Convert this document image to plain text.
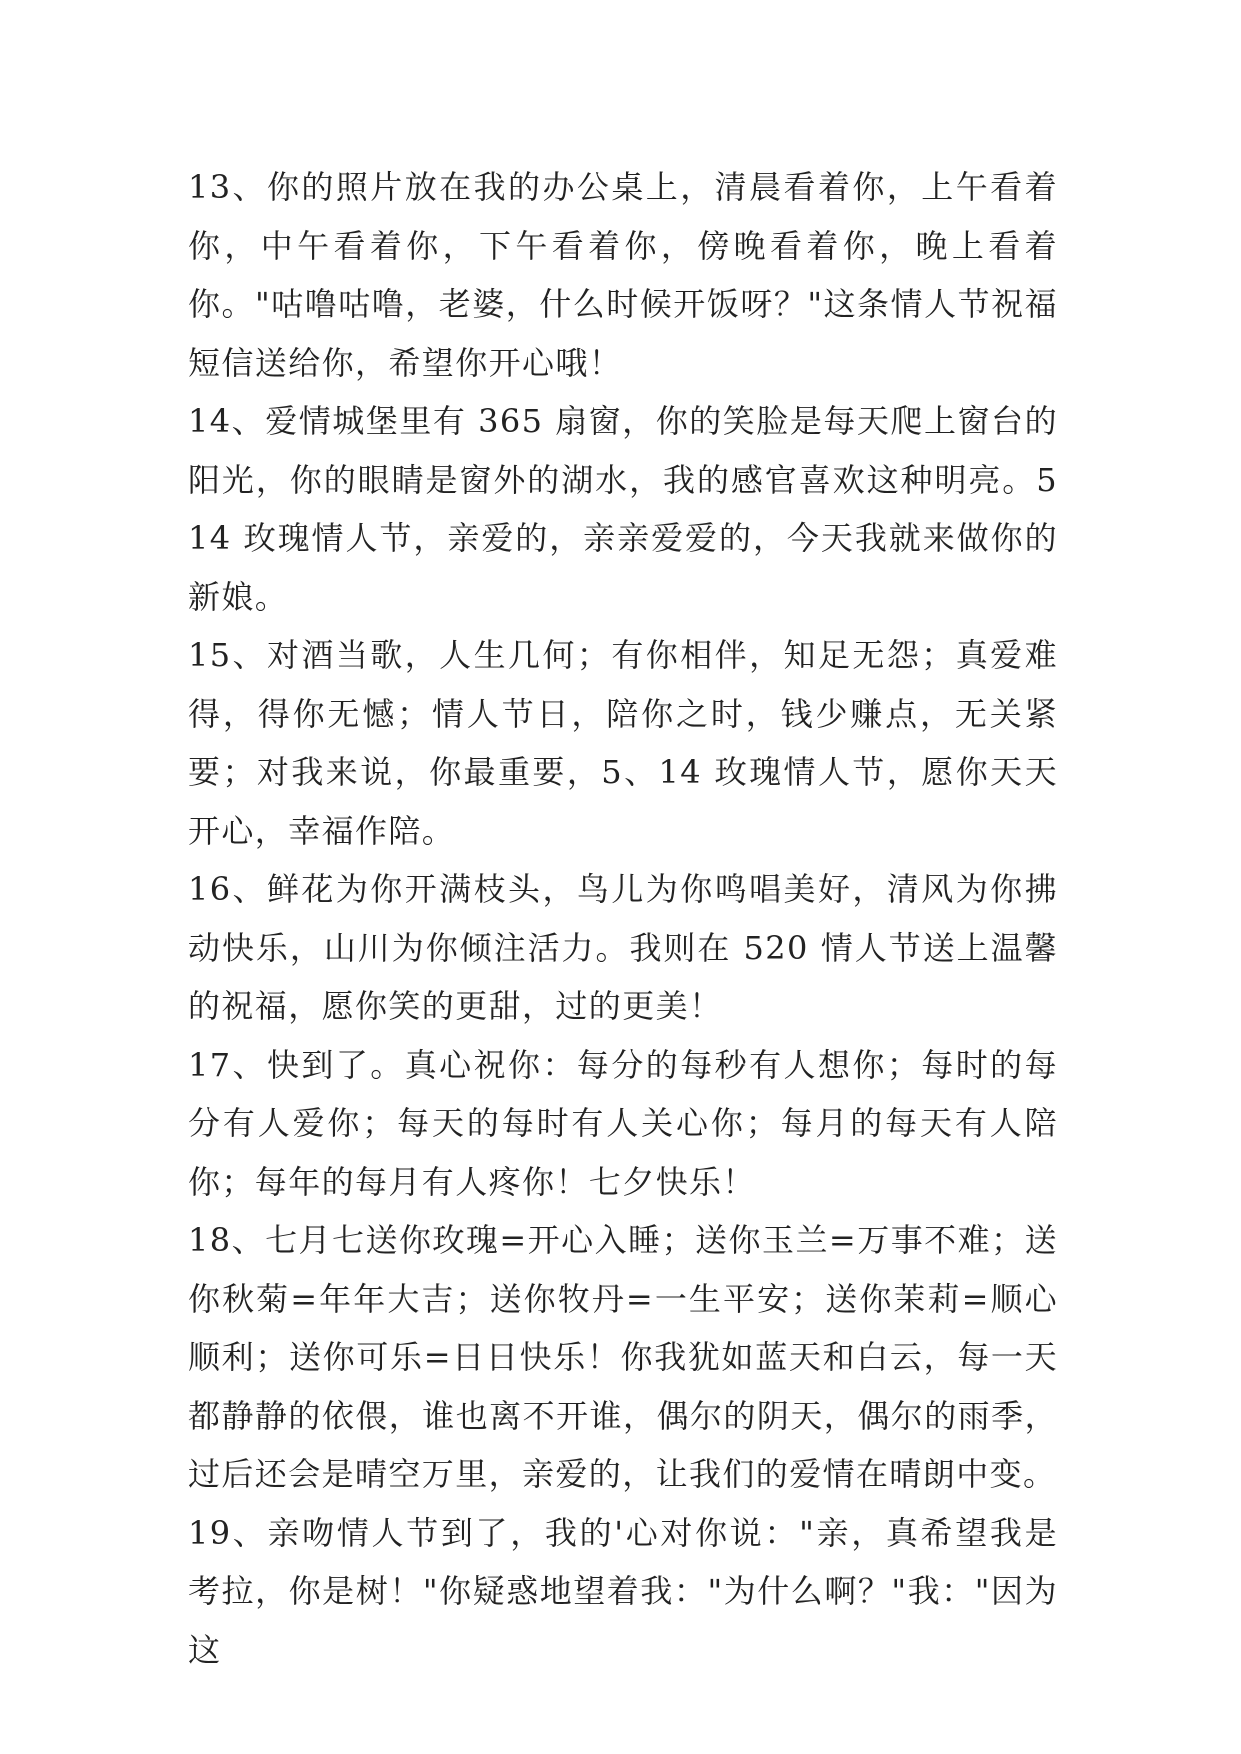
13、你的照片放在我的办公桌上，清晨看着你，上午看着你，中午看着你，下午看着你，傍晚看着你，晚上看着你。"咕噜咕噜，老婆，什么时候开饭呀？"这条情人节祝福短信送给你，希望你开心哦！

14、爱情城堡里有 365 扇窗，你的笑脸是每天爬上窗台的阳光，你的眼睛是窗外的湖水，我的感官喜欢这种明亮。514 玫瑰情人节，亲爱的，亲亲爱爱的，今天我就来做你的新娘。

15、对酒当歌，人生几何；有你相伴，知足无怨；真爱难得，得你无憾；情人节日，陪你之时，钱少赚点，无关紧要；对我来说，你最重要，5、14 玫瑰情人节，愿你天天开心，幸福作陪。

16、鲜花为你开满枝头，鸟儿为你鸣唱美好，清风为你拂动快乐，山川为你倾注活力。我则在 520 情人节送上温馨的祝福，愿你笑的更甜，过的更美！

17、快到了。真心祝你：每分的每秒有人想你；每时的每分有人爱你；每天的每时有人关心你；每月的每天有人陪你；每年的每月有人疼你！七夕快乐！

18、七月七送你玫瑰=开心入睡；送你玉兰=万事不难；送你秋菊=年年大吉；送你牧丹=一生平安；送你茉莉=顺心顺利；送你可乐=日日快乐！你我犹如蓝天和白云，每一天都静静的依偎，谁也离不开谁，偶尔的阴天，偶尔的雨季，过后还会是晴空万里，亲爱的，让我们的爱情在晴朗中变。

19、亲吻情人节到了，我的'心对你说："亲，真希望我是考拉，你是树！"你疑惑地望着我："为什么啊？"我："因为这
